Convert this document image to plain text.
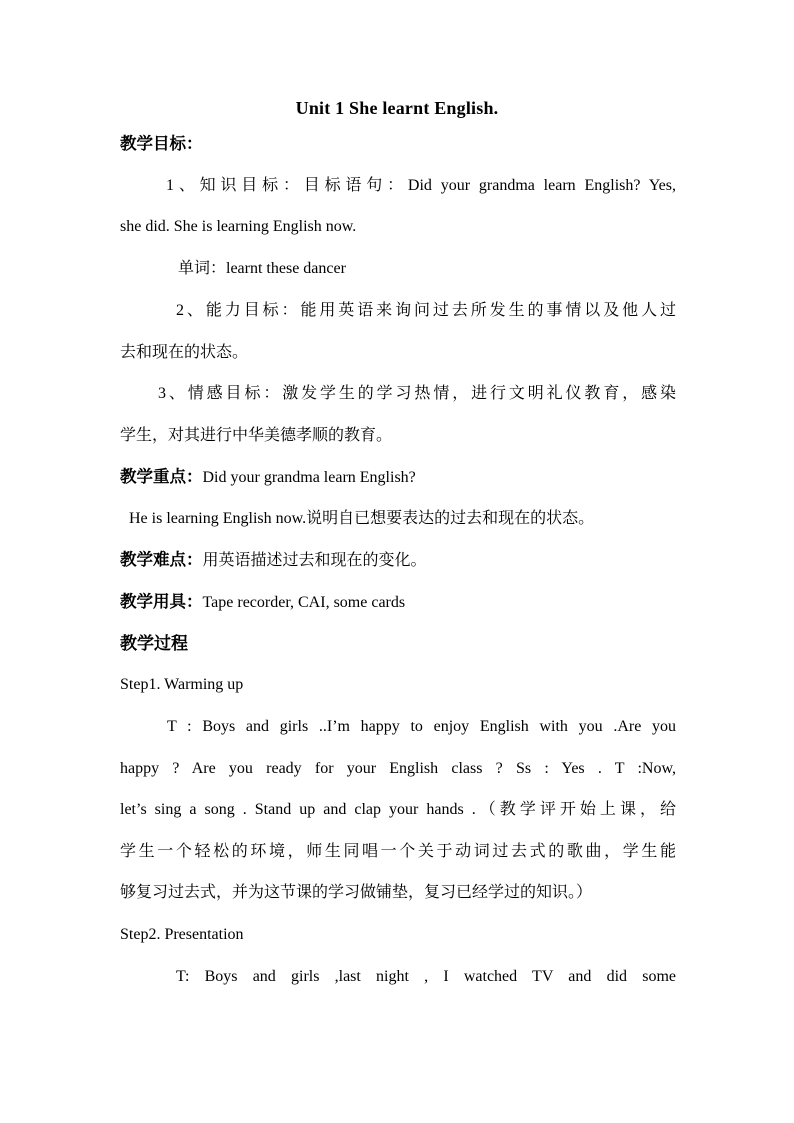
Unit 1 She learnt English.
教学目标：
1、知识目标：目标语句：Did your grandma learn English? Yes,
she did. She is learning English now.
单词：learnt these dancer
2、能力目标：能用英语来询问过去所发生的事情以及他人过
去和现在的状态。
3、情感目标：激发学生的学习热情，进行文明礼仪教育，感染
学生，对其进行中华美德孝顺的教育。
教学重点：Did your grandma learn English?
He is learning English now.说明自已想要表达的过去和现在的状态。
教学难点：用英语描述过去和现在的变化。
教学用具：Tape recorder, CAI, some cards
教学过程
Step1. Warming up
T : Boys and girls ..I’m happy to enjoy English with you .Are you
happy ? Are you ready for your English class ? Ss : Yes . T :Now,
let’s sing a song . Stand up and clap your hands .（教学评开始上课，给
学生一个轻松的环境，师生同唱一个关于动词过去式的歌曲，学生能
够复习过去式，并为这节课的学习做铺垫，复习已经学过的知识。）
Step2. Presentation
T: Boys and girls ,last night , I watched TV and did some
